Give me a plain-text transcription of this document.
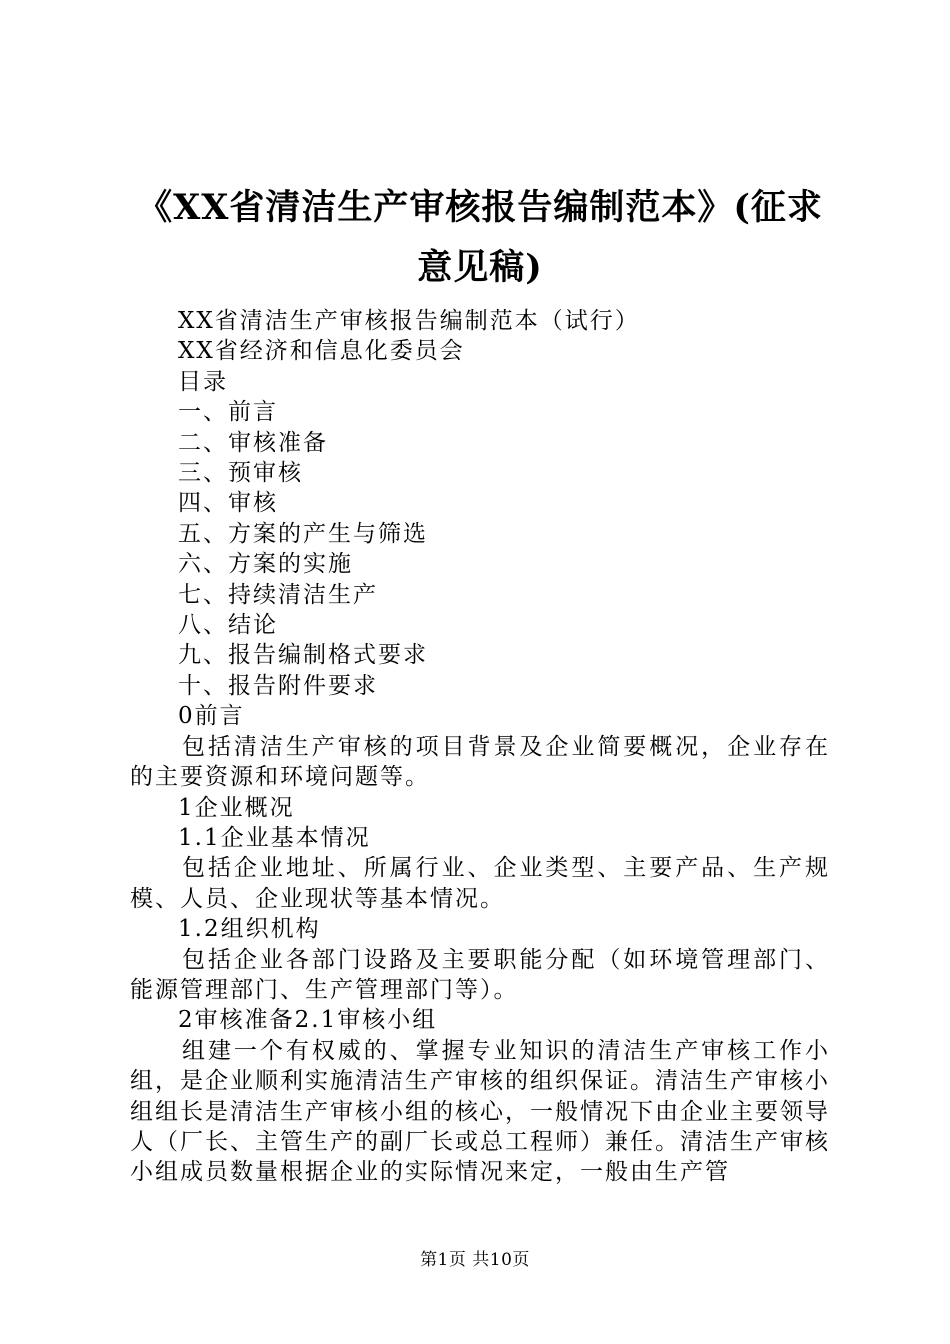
《XX省清洁生产审核报告编制范本》(征求意见稿)
XX省清洁生产审核报告编制范本（试行）
XX省经济和信息化委员会
目录
一、前言
二、审核准备
三、预审核
四、审核
五、方案的产生与筛选
六、方案的实施
七、持续清洁生产
八、结论
九、报告编制格式要求
十、报告附件要求
0前言
包括清洁生产审核的项目背景及企业简要概况，企业存在的主要资源和环境问题等。
1企业概况
1.1企业基本情况
包括企业地址、所属行业、企业类型、主要产品、生产规模、人员、企业现状等基本情况。
1.2组织机构
包括企业各部门设路及主要职能分配（如环境管理部门、能源管理部门、生产管理部门等）。
2审核准备2.1审核小组
组建一个有权威的、掌握专业知识的清洁生产审核工作小组，是企业顺利实施清洁生产审核的组织保证。清洁生产审核小组组长是清洁生产审核小组的核心，一般情况下由企业主要领导人（厂长、主管生产的副厂长或总工程师）兼任。清洁生产审核小组成员数量根据企业的实际情况来定，一般由生产管
第1页 共10页
